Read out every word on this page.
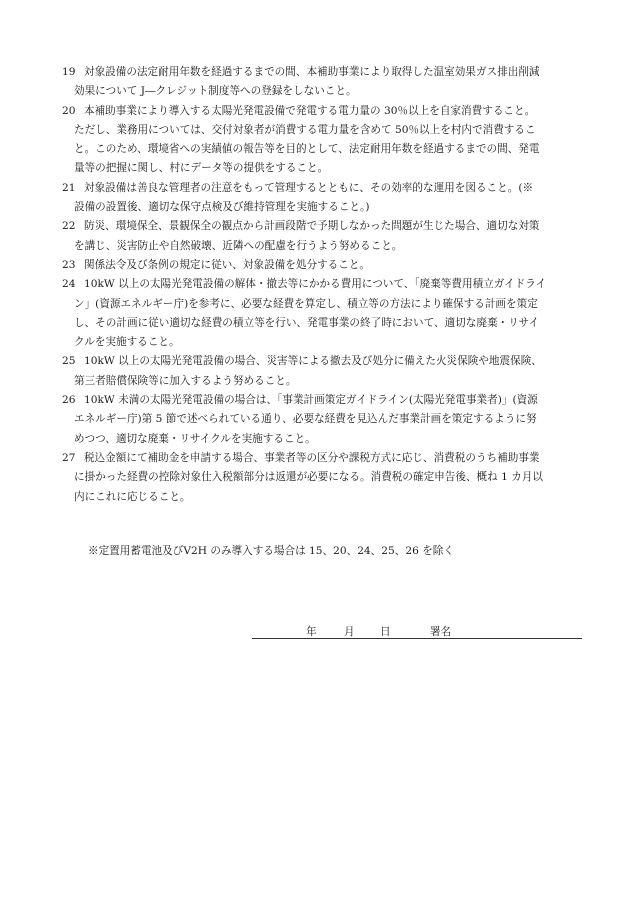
19 対象設備の法定耐用年数を経過するまでの間、本補助事業により取得した温室効果ガス排出削減
効果について J―クレジット制度等への登録をしないこと。

20 本補助事業により導入する太陽光発電設備で発電する電力量の 30％以上を自家消費すること。
ただし、業務用については、交付対象者が消費する電力量を含めて 50％以上を村内で消費するこ
と。このため、環境省への実績値の報告等を目的として、法定耐用年数を経過するまでの間、発電
量等の把握に関し、村にデータ等の提供をすること。

21 対象設備は善良な管理者の注意をもって管理するとともに、その効率的な運用を図ること。(※
設備の設置後、適切な保守点検及び維持管理を実施すること。)

22 防災、環境保全、景観保全の観点から計画段階で予期しなかった問題が生じた場合、適切な対策
を講じ、災害防止や自然破壊、近隣への配慮を行うよう努めること。

23 関係法令及び条例の規定に従い、対象設備を処分すること。

24 10kW 以上の太陽光発電設備の解体・撤去等にかかる費用について、「廃棄等費用積立ガイドライ
ン」(資源エネルギー庁)を参考に、必要な経費を算定し、積立等の方法により確保する計画を策定
し、その計画に従い適切な経費の積立等を行い、発電事業の終了時において、適切な廃棄・リサイ
クルを実施すること。

25 10kW 以上の太陽光発電設備の場合、災害等による撤去及び処分に備えた火災保険や地震保険、
第三者賠償保険等に加入するよう努めること。

26 10kW 未満の太陽光発電設備の場合は、「事業計画策定ガイドライン(太陽光発電事業者)」(資源
エネルギー庁)第 5 節で述べられている通り、必要な経費を見込んだ事業計画を策定するように努
めつつ、適切な廃棄・リサイクルを実施すること。

27 税込金額にて補助金を申請する場合、事業者等の区分や課税方式に応じ、消費税のうち補助事業
に掛かった経費の控除対象仕入税額部分は返還が必要になる。消費税の確定申告後、概ね 1 カ月以
内にこれに応じること。

※定置用蓄電池及びV2H のみ導入する場合は 15、20、24、25、26 を除く
年	月 日	署名
